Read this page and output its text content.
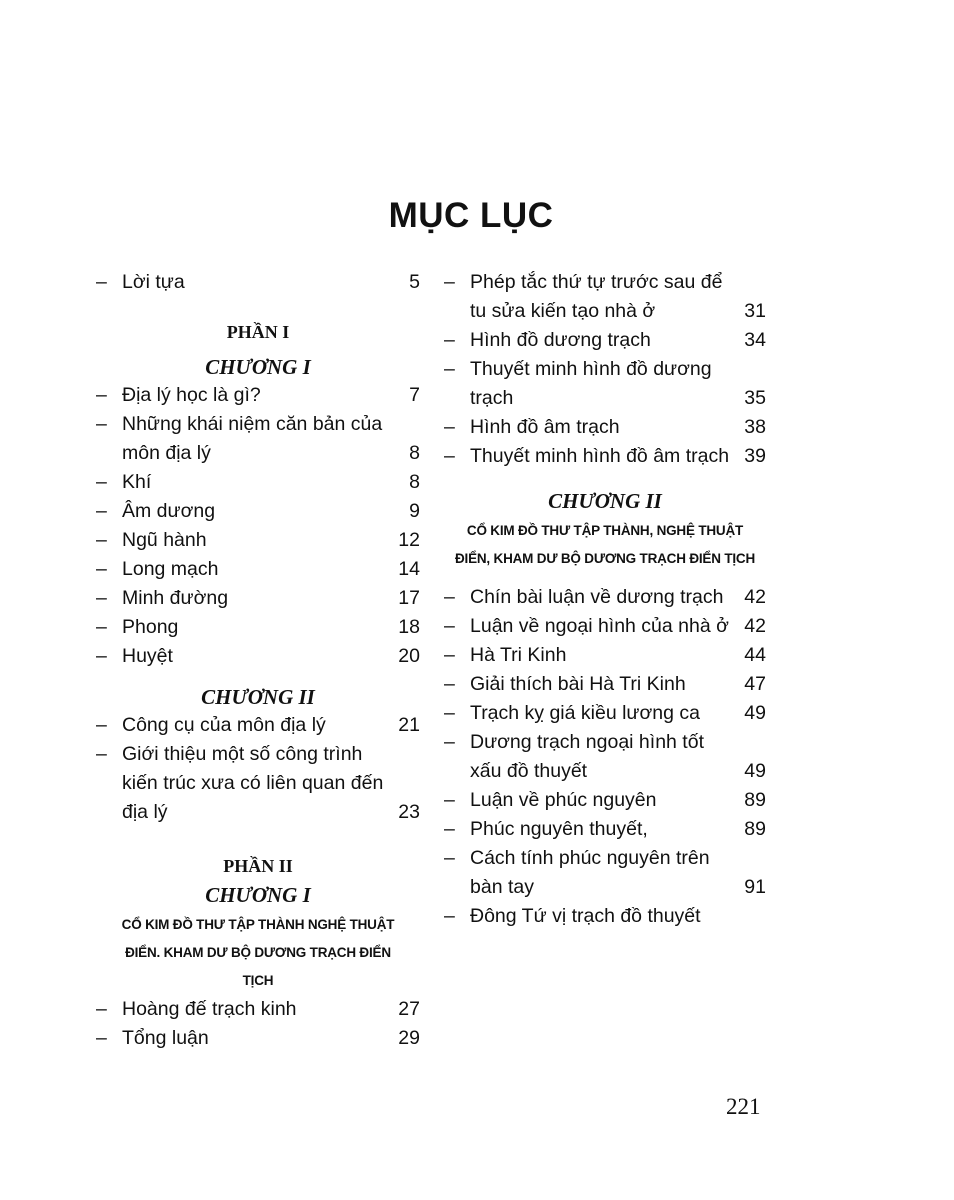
MỤC LỤC
– Lời tựa	5
PHẦN I
CHƯƠNG I
– Địa lý học là gì?	7
– Những khái niệm căn bản của môn địa lý	8
– Khí	8
– Âm dương	9
– Ngũ hành	12
– Long mạch	14
– Minh đường	17
– Phong	18
– Huyệt	20
CHƯƠNG II
– Công cụ của môn địa lý	21
– Giới thiệu một số công trình kiến trúc xưa có liên quan đến địa lý	23
PHẦN II
CHƯƠNG I
CỔ KIM ĐỒ THƯ TẬP THÀNH NGHỆ THUẬT ĐIỂN. KHAM DƯ BỘ DƯƠNG TRẠCH ĐIỂN TỊCH
– Hoàng đế trạch kinh	27
– Tổng luận	29
– Phép tắc thứ tự trước sau để tu sửa kiến tạo nhà ở	31
– Hình đồ dương trạch	34
– Thuyết minh hình đồ dương trạch	35
– Hình đồ âm trạch	38
– Thuyết minh hình đồ âm trạch 39
CHƯƠNG II
CỔ KIM ĐỒ THƯ TẬP THÀNH, NGHỆ THUẬT ĐIỂN, KHAM DƯ BỘ DƯƠNG TRẠCH ĐIỂN TỊCH
– Chín bài luận về dương trạch	42
– Luận về ngoại hình của nhà ở 42
– Hà Tri Kinh	44
– Giải thích bài Hà Tri Kinh	47
– Trạch kỵ giá kiều lương ca	49
– Dương trạch ngoại hình tốt xấu đồ thuyết	49
– Luận về phúc nguyên	89
– Phúc nguyên thuyết,	89
– Cách tính phúc nguyên trên bàn tay	91
– Đông Tứ vị trạch đồ thuyết
221
